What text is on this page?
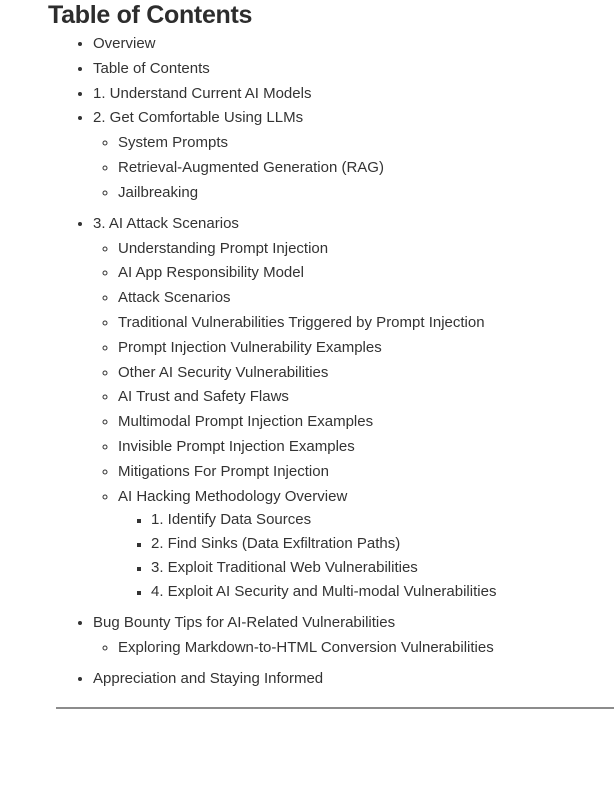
Table of Contents
• Overview
• Table of Contents
• 1. Understand Current AI Models
• 2. Get Comfortable Using LLMs
◦ System Prompts
◦ Retrieval-Augmented Generation (RAG)
◦ Jailbreaking
• 3. AI Attack Scenarios
◦ Understanding Prompt Injection
◦ AI App Responsibility Model
◦ Attack Scenarios
◦ Traditional Vulnerabilities Triggered by Prompt Injection
◦ Prompt Injection Vulnerability Examples
◦ Other AI Security Vulnerabilities
◦ AI Trust and Safety Flaws
◦ Multimodal Prompt Injection Examples
◦ Invisible Prompt Injection Examples
◦ Mitigations For Prompt Injection
◦ AI Hacking Methodology Overview
▪ 1. Identify Data Sources
▪ 2. Find Sinks (Data Exfiltration Paths)
▪ 3. Exploit Traditional Web Vulnerabilities
▪ 4. Exploit AI Security and Multi-modal Vulnerabilities
• Bug Bounty Tips for AI-Related Vulnerabilities
◦ Exploring Markdown-to-HTML Conversion Vulnerabilities
• Appreciation and Staying Informed
